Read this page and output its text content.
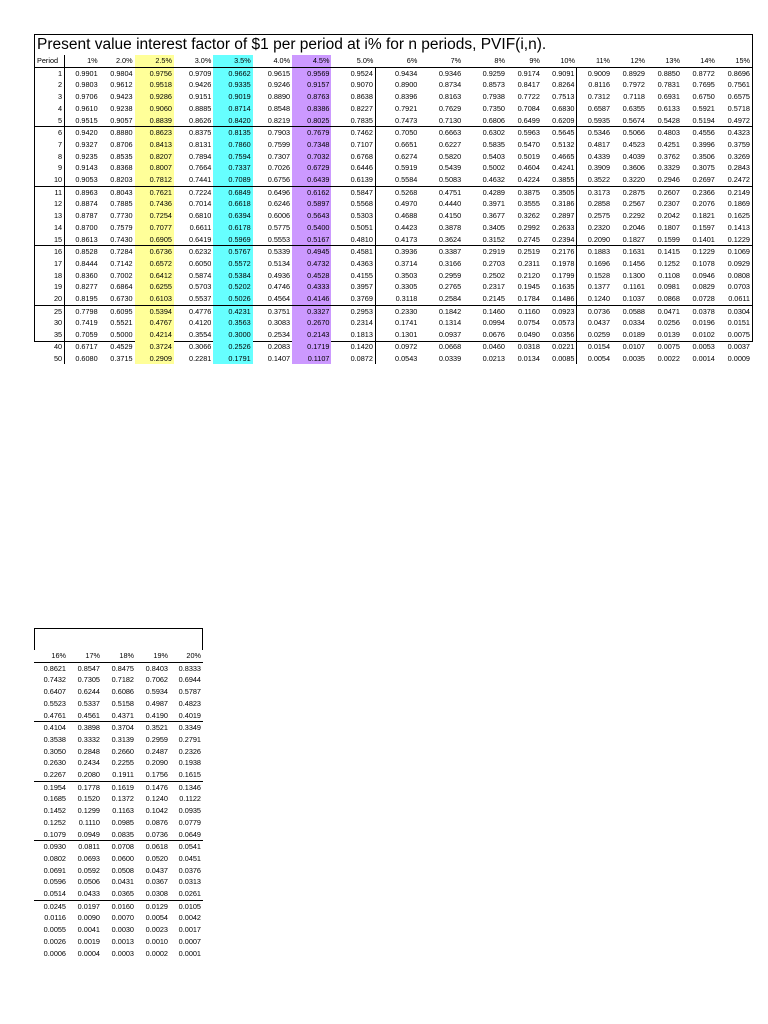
Present value interest factor of $1 per period at i% for n periods, PVIF(i,n).
Period	1%	2.0%	2.5%	3.0%	3.5%	4.0%	4.5%	5.0%	6%	7%	8%	9%	10%	11%	12%	13%	14%	15%
1	0.9901	0.9804	0.9756	0.9709	0.9662	0.9615	0.9569	0.9524	0.9434	0.9346	0.9259	0.9174	0.9091	0.9009	0.8929	0.8850	0.8772	0.8696
2	0.9803	0.9612	0.9518	0.9426	0.9335	0.9246	0.9157	0.9070	0.8900	0.8734	0.8573	0.8417	0.8264	0.8116	0.7972	0.7831	0.7695	0.7561
3	0.9706	0.9423	0.9286	0.9151	0.9019	0.8890	0.8763	0.8638	0.8396	0.8163	0.7938	0.7722	0.7513	0.7312	0.7118	0.6931	0.6750	0.6575
4	0.9610	0.9238	0.9060	0.8885	0.8714	0.8548	0.8386	0.8227	0.7921	0.7629	0.7350	0.7084	0.6830	0.6587	0.6355	0.6133	0.5921	0.5718
5	0.9515	0.9057	0.8839	0.8626	0.8420	0.8219	0.8025	0.7835	0.7473	0.7130	0.6806	0.6499	0.6209	0.5935	0.5674	0.5428	0.5194	0.4972
6	0.9420	0.8880	0.8623	0.8375	0.8135	0.7903	0.7679	0.7462	0.7050	0.6663	0.6302	0.5963	0.5645	0.5346	0.5066	0.4803	0.4556	0.4323
7	0.9327	0.8706	0.8413	0.8131	0.7860	0.7599	0.7348	0.7107	0.6651	0.6227	0.5835	0.5470	0.5132	0.4817	0.4523	0.4251	0.3996	0.3759
8	0.9235	0.8535	0.8207	0.7894	0.7594	0.7307	0.7032	0.6768	0.6274	0.5820	0.5403	0.5019	0.4665	0.4339	0.4039	0.3762	0.3506	0.3269
9	0.9143	0.8368	0.8007	0.7664	0.7337	0.7026	0.6729	0.6446	0.5919	0.5439	0.5002	0.4604	0.4241	0.3909	0.3606	0.3329	0.3075	0.2843
10	0.9053	0.8203	0.7812	0.7441	0.7089	0.6756	0.6439	0.6139	0.5584	0.5083	0.4632	0.4224	0.3855	0.3522	0.3220	0.2946	0.2697	0.2472
11	0.8963	0.8043	0.7621	0.7224	0.6849	0.6496	0.6162	0.5847	0.5268	0.4751	0.4289	0.3875	0.3505	0.3173	0.2875	0.2607	0.2366	0.2149
12	0.8874	0.7885	0.7436	0.7014	0.6618	0.6246	0.5897	0.5568	0.4970	0.4440	0.3971	0.3555	0.3186	0.2858	0.2567	0.2307	0.2076	0.1869
13	0.8787	0.7730	0.7254	0.6810	0.6394	0.6006	0.5643	0.5303	0.4688	0.4150	0.3677	0.3262	0.2897	0.2575	0.2292	0.2042	0.1821	0.1625
14	0.8700	0.7579	0.7077	0.6611	0.6178	0.5775	0.5400	0.5051	0.4423	0.3878	0.3405	0.2992	0.2633	0.2320	0.2046	0.1807	0.1597	0.1413
15	0.8613	0.7430	0.6905	0.6419	0.5969	0.5553	0.5167	0.4810	0.4173	0.3624	0.3152	0.2745	0.2394	0.2090	0.1827	0.1599	0.1401	0.1229
16	0.8528	0.7284	0.6736	0.6232	0.5767	0.5339	0.4945	0.4581	0.3936	0.3387	0.2919	0.2519	0.2176	0.1883	0.1631	0.1415	0.1229	0.1069
17	0.8444	0.7142	0.6572	0.6050	0.5572	0.5134	0.4732	0.4363	0.3714	0.3166	0.2703	0.2311	0.1978	0.1696	0.1456	0.1252	0.1078	0.0929
18	0.8360	0.7002	0.6412	0.5874	0.5384	0.4936	0.4528	0.4155	0.3503	0.2959	0.2502	0.2120	0.1799	0.1528	0.1300	0.1108	0.0946	0.0808
19	0.8277	0.6864	0.6255	0.5703	0.5202	0.4746	0.4333	0.3957	0.3305	0.2765	0.2317	0.1945	0.1635	0.1377	0.1161	0.0981	0.0829	0.0703
20	0.8195	0.6730	0.6103	0.5537	0.5026	0.4564	0.4146	0.3769	0.3118	0.2584	0.2145	0.1784	0.1486	0.1240	0.1037	0.0868	0.0728	0.0611
25	0.7798	0.6095	0.5394	0.4776	0.4231	0.3751	0.3327	0.2953	0.2330	0.1842	0.1460	0.1160	0.0923	0.0736	0.0588	0.0471	0.0378	0.0304
30	0.7419	0.5521	0.4767	0.4120	0.3563	0.3083	0.2670	0.2314	0.1741	0.1314	0.0994	0.0754	0.0573	0.0437	0.0334	0.0256	0.0196	0.0151
35	0.7059	0.5000	0.4214	0.3554	0.3000	0.2534	0.2143	0.1813	0.1301	0.0937	0.0676	0.0490	0.0356	0.0259	0.0189	0.0139	0.0102	0.0075
40	0.6717	0.4529	0.3724	0.3066	0.2526	0.2083	0.1719	0.1420	0.0972	0.0668	0.0460	0.0318	0.0221	0.0154	0.0107	0.0075	0.0053	0.0037
50	0.6080	0.3715	0.2909	0.2281	0.1791	0.1407	0.1107	0.0872	0.0543	0.0339	0.0213	0.0134	0.0085	0.0054	0.0035	0.0022	0.0014	0.0009
16%	17%	18%	19%	20%
0.8621	0.8547	0.8475	0.8403	0.8333
0.7432	0.7305	0.7182	0.7062	0.6944
0.6407	0.6244	0.6086	0.5934	0.5787
0.5523	0.5337	0.5158	0.4987	0.4823
0.4761	0.4561	0.4371	0.4190	0.4019
0.4104	0.3898	0.3704	0.3521	0.3349
0.3538	0.3332	0.3139	0.2959	0.2791
0.3050	0.2848	0.2660	0.2487	0.2326
0.2630	0.2434	0.2255	0.2090	0.1938
0.2267	0.2080	0.1911	0.1756	0.1615
0.1954	0.1778	0.1619	0.1476	0.1346
0.1685	0.1520	0.1372	0.1240	0.1122
0.1452	0.1299	0.1163	0.1042	0.0935
0.1252	0.1110	0.0985	0.0876	0.0779
0.1079	0.0949	0.0835	0.0736	0.0649
0.0930	0.0811	0.0708	0.0618	0.0541
0.0802	0.0693	0.0600	0.0520	0.0451
0.0691	0.0592	0.0508	0.0437	0.0376
0.0596	0.0506	0.0431	0.0367	0.0313
0.0514	0.0433	0.0365	0.0308	0.0261
0.0245	0.0197	0.0160	0.0129	0.0105
0.0116	0.0090	0.0070	0.0054	0.0042
0.0055	0.0041	0.0030	0.0023	0.0017
0.0026	0.0019	0.0013	0.0010	0.0007
0.0006	0.0004	0.0003	0.0002	0.0001
